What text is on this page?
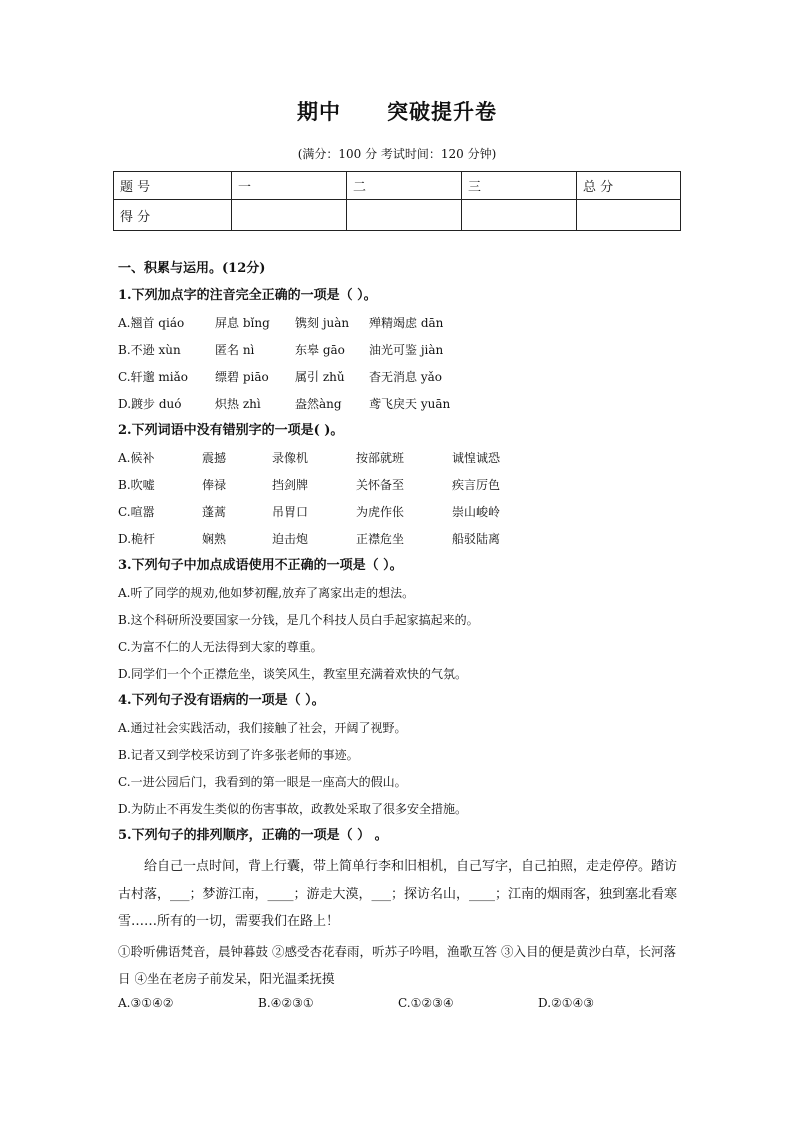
期中 突破提升卷
(满分：100 分 考试时间：120 分钟)
题 号	一	二	三	总 分
得 分				
一、积累与运用。(12分)
1.下列加点字的注音完全正确的一项是（ ）。
A.翘首 qiáo	屏息 bǐng 镌刻 juàn 殚精竭虑 dān
B.不逊 xùn	匿名 nì	东皋 gāo 油光可鉴 jiàn
C.轩邈 miǎo 缥碧 piāo 属引 zhǔ 杳无消息 yǎo
D.踱步 duó	炽热 zhì	盎然àng 鸢飞戾天 yuān
2.下列词语中没有错别字的一项是( )。
A.候补	震撼	录像机	按部就班	诚惶诚恐
B.吹嘘	俸禄	挡剑牌	关怀备至	疾言厉色
C.喧嚣	蓬蒿	吊胃口	为虎作伥	崇山峻岭
D.桅杆	娴熟	迫击炮	正襟危坐	船驳陆离
3.下列句子中加点成语使用不正确的一项是（ ）。
A.听了同学的规劝,他如梦初醒,放弃了离家出走的想法。
B.这个科研所没要国家一分钱，是几个科技人员白手起家搞起来的。
C.为富不仁的人无法得到大家的尊重。
D.同学们一个个正襟危坐，谈笑风生，教室里充满着欢快的气氛。
4.下列句子没有语病的一项是（ ）。
A.通过社会实践活动，我们接触了社会，开阔了视野。
B.记者又到学校采访到了许多张老师的事迹。
C.一进公园后门，我看到的第一眼是一座高大的假山。
D.为防止不再发生类似的伤害事故，政教处采取了很多安全措施。
5.下列句子的排列顺序，正确的一项是（ ） 。
给自己一点时间，背上行囊，带上简单行李和旧相机，自己写字，自己拍照，走走停停。踏访古村落，___；梦游江南，____；游走大漠，___；探访名山，____；江南的烟雨客，独到塞北看寒雪……所有的一切，需要我们在路上！
①聆听佛语梵音，晨钟暮鼓 ②感受杏花春雨，听苏子吟唱，渔歌互答 ③入目的便是黄沙白草，长河落日 ④坐在老房子前发呆，阳光温柔抚摸
A.③①④②	B.④②③①	C.①②③④	D.②①④③
